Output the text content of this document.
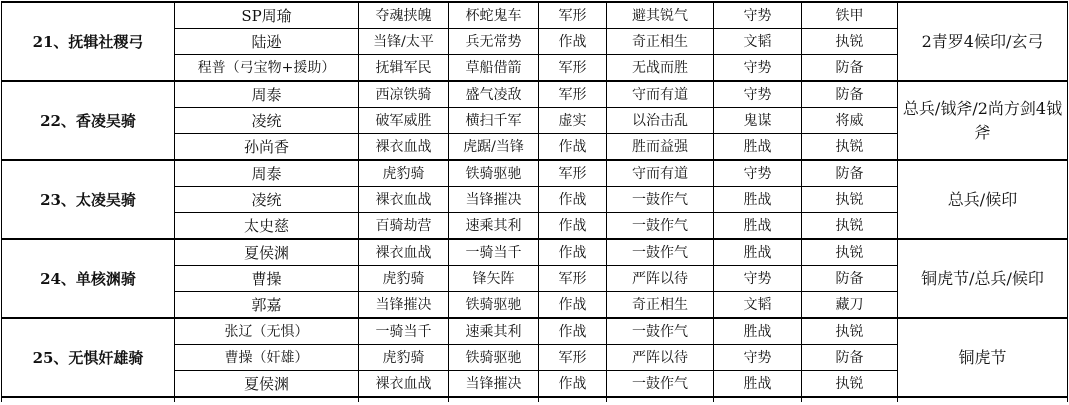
21、抚辑社稷弓	SP周瑜	夺魂挟魄	杯蛇鬼车	军形	避其锐气	守势	铁甲	2青罗4候印/玄弓
	陆逊	当锋/太平	兵无常势	作战	奇正相生	文韬	执锐	
	程普（弓宝物+援助）	抚辑军民	草船借箭	军形	无战而胜	守势	防备	
22、香凌吴骑	周泰	西凉铁骑	盛气凌敌	军形	守而有道	守势	防备	总兵/钺斧/2尚方剑4钺斧
	凌统	破军威胜	横扫千军	虚实	以治击乱	鬼谋	将威	
	孙尚香	裸衣血战	虎踞/当锋	作战	胜而益强	胜战	执锐	
23、太凌吴骑	周泰	虎豹骑	铁骑驱驰	军形	守而有道	守势	防备	总兵/候印
	凌统	裸衣血战	当锋摧决	作战	一鼓作气	胜战	执锐	
	太史慈	百骑劫营	速乘其利	作战	一鼓作气	胜战	执锐	
24、单核渊骑	夏侯渊	裸衣血战	一骑当千	作战	一鼓作气	胜战	执锐	铜虎节/总兵/候印
	曹操	虎豹骑	锋矢阵	军形	严阵以待	守势	防备	
	郭嘉	当锋摧决	铁骑驱驰	作战	奇正相生	文韬	藏刀	
25、无惧奸雄骑	张辽（无惧）	一骑当千	速乘其利	作战	一鼓作气	胜战	执锐	铜虎节
	曹操（奸雄）	虎豹骑	铁骑驱驰	军形	严阵以待	守势	防备	
	夏侯渊	裸衣血战	当锋摧决	作战	一鼓作气	胜战	执锐	
